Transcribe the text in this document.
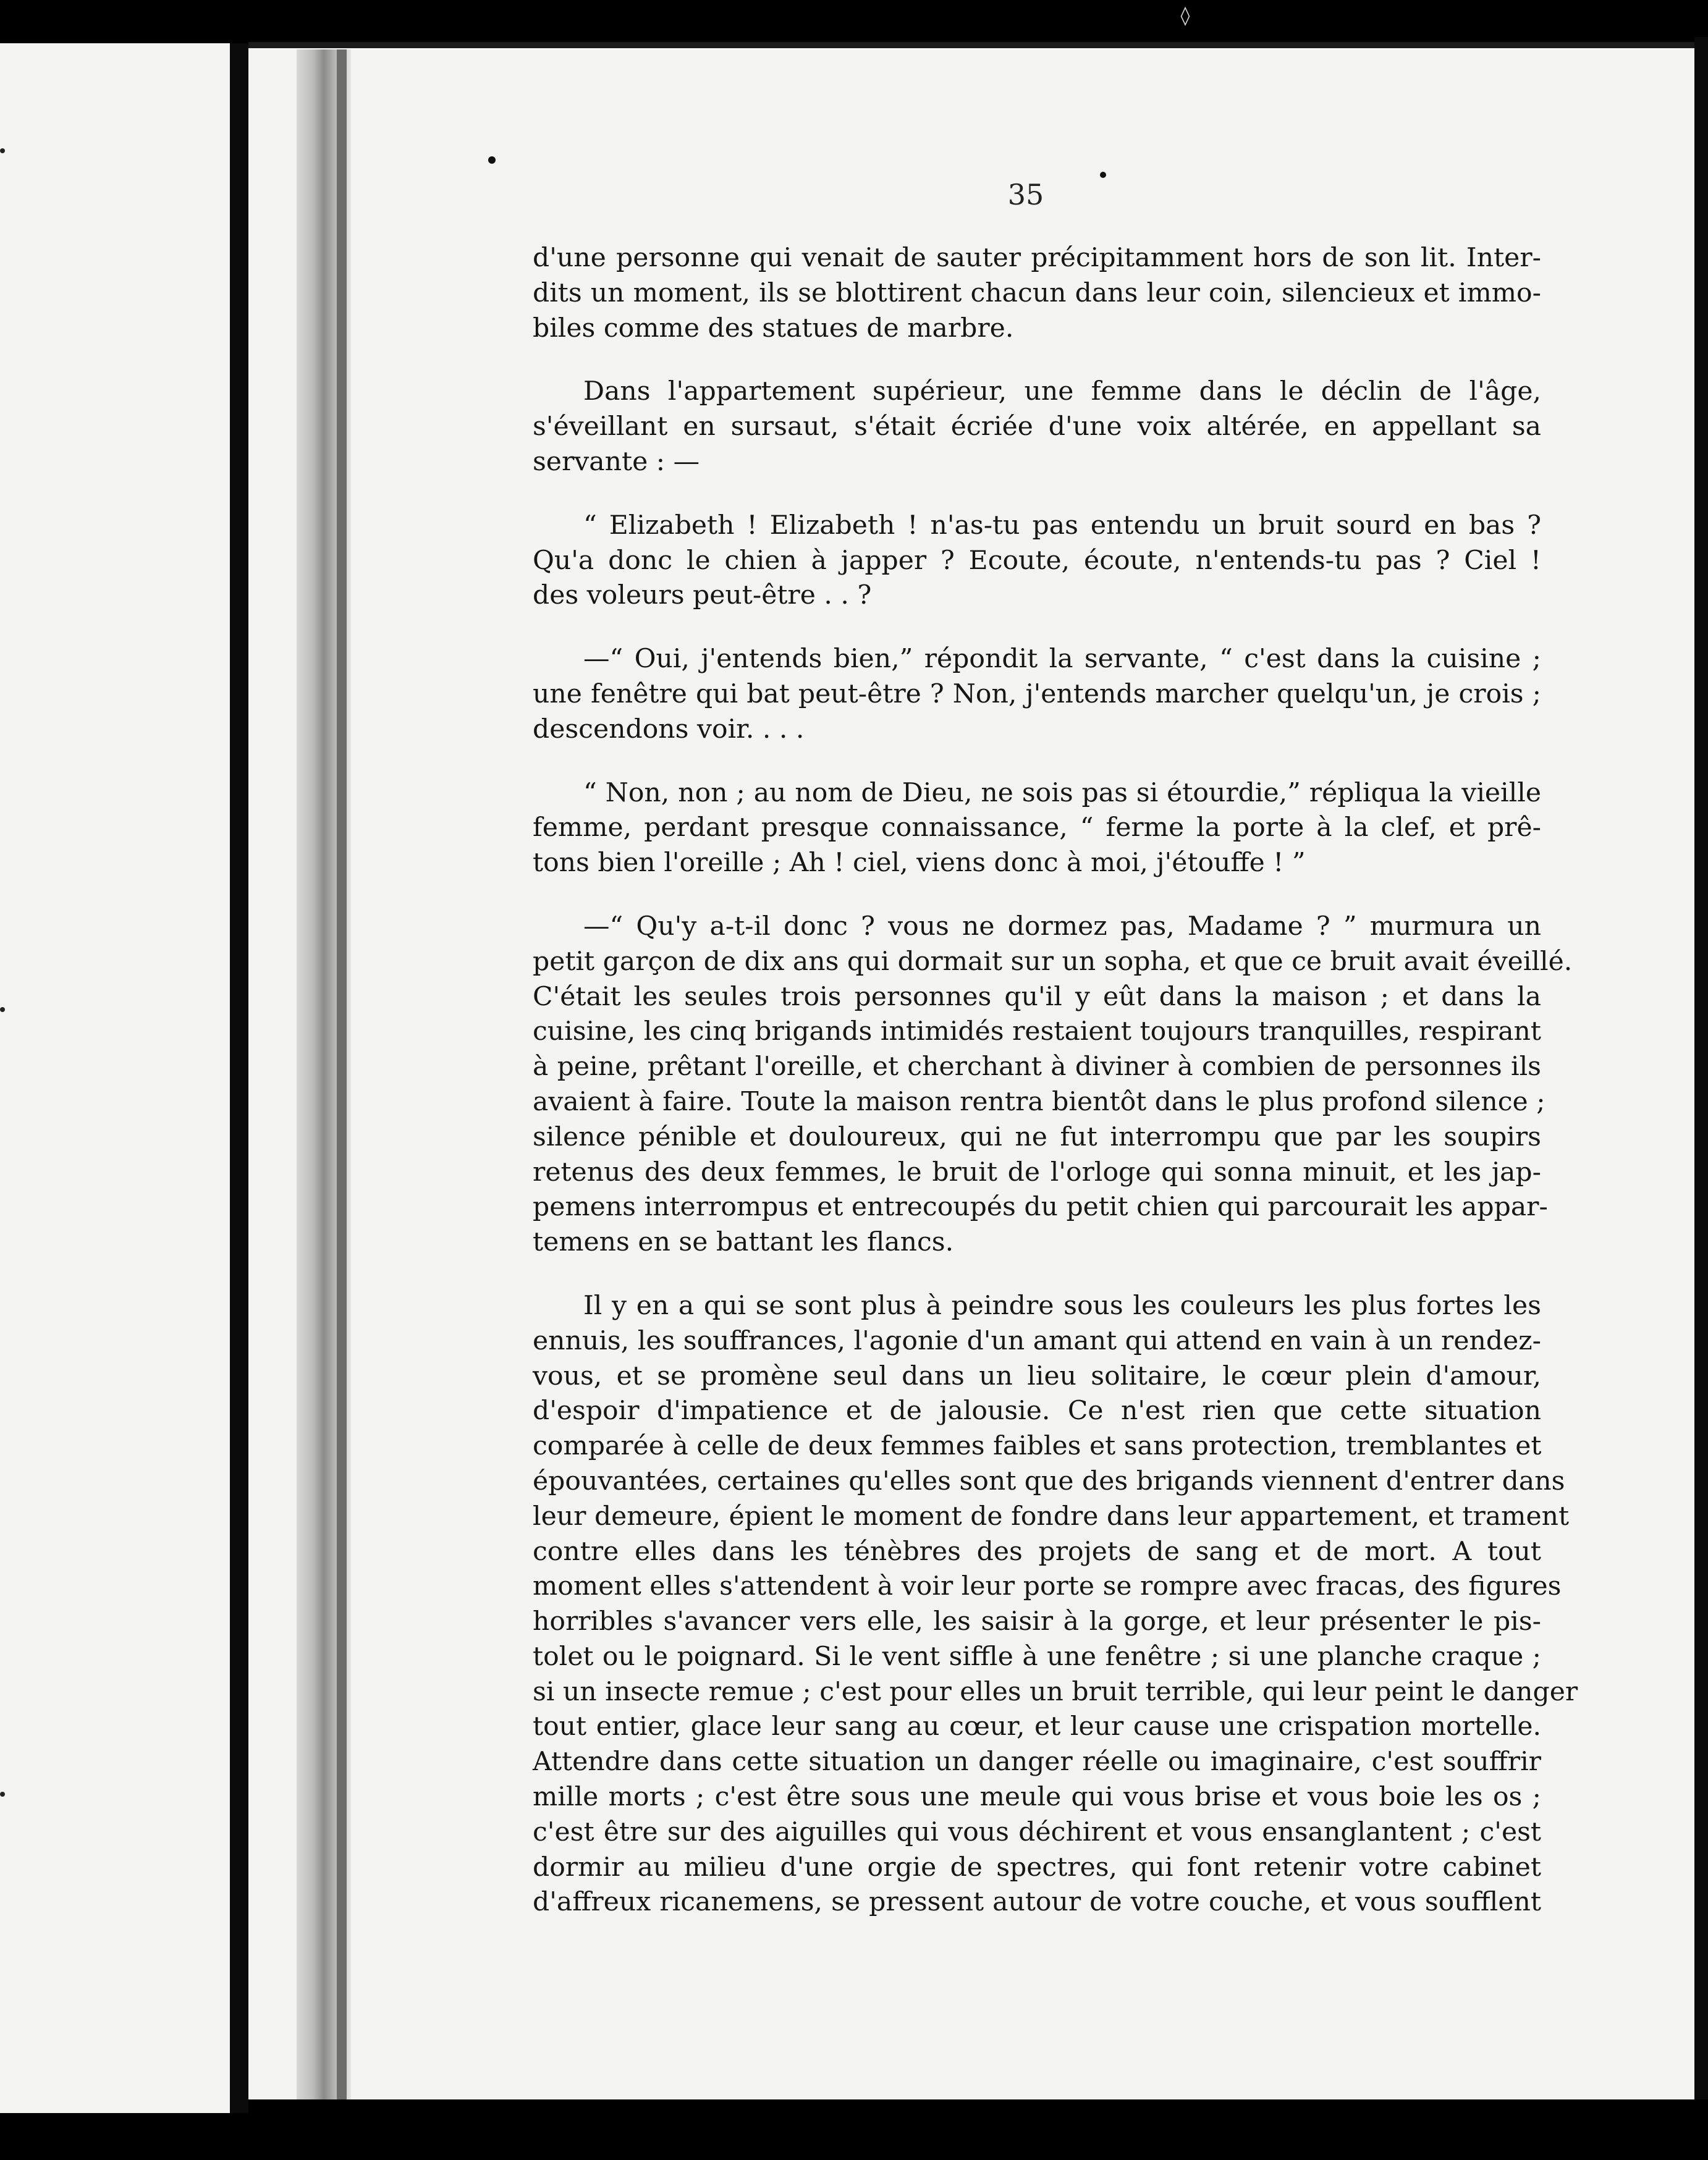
◊
35
d'une personne qui venait de sauter précipitamment hors de son lit. Inter-
dits un moment, ils se blottirent chacun dans leur coin, silencieux et immo-
biles comme des statues de marbre.
Dans l'appartement supérieur, une femme dans le déclin de l'âge,
s'éveillant en sursaut, s'était écriée d'une voix altérée, en appellant sa
servante : —
“ Elizabeth ! Elizabeth ! n'as-tu pas entendu un bruit sourd en bas ?
Qu'a donc le chien à japper ? Ecoute, écoute, n'entends-tu pas ? Ciel !
des voleurs peut-être . . ?
—“ Oui, j'entends bien,” répondit la servante, “ c'est dans la cuisine ;
une fenêtre qui bat peut-être ? Non, j'entends marcher quelqu'un, je crois ;
descendons voir. . . .
“ Non, non ; au nom de Dieu, ne sois pas si étourdie,” répliqua la vieille
femme, perdant presque connaissance, “ ferme la porte à la clef, et prê-
tons bien l'oreille ; Ah ! ciel, viens donc à moi, j'étouffe ! ”
—“ Qu'y a-t-il donc ? vous ne dormez pas, Madame ? ” murmura un
petit garçon de dix ans qui dormait sur un sopha, et que ce bruit avait éveillé.
C'était les seules trois personnes qu'il y eût dans la maison ; et dans la
cuisine, les cinq brigands intimidés restaient toujours tranquilles, respirant
à peine, prêtant l'oreille, et cherchant à diviner à combien de personnes ils
avaient à faire. Toute la maison rentra bientôt dans le plus profond silence ;
silence pénible et douloureux, qui ne fut interrompu que par les soupirs
retenus des deux femmes, le bruit de l'orloge qui sonna minuit, et les jap-
pemens interrompus et entrecoupés du petit chien qui parcourait les appar-
temens en se battant les flancs.
Il y en a qui se sont plus à peindre sous les couleurs les plus fortes les
ennuis, les souffrances, l'agonie d'un amant qui attend en vain à un rendez-
vous, et se promène seul dans un lieu solitaire, le cœur plein d'amour,
d'espoir d'impatience et de jalousie. Ce n'est rien que cette situation
comparée à celle de deux femmes faibles et sans protection, tremblantes et
épouvantées, certaines qu'elles sont que des brigands viennent d'entrer dans
leur demeure, épient le moment de fondre dans leur appartement, et trament
contre elles dans les ténèbres des projets de sang et de mort. A tout
moment elles s'attendent à voir leur porte se rompre avec fracas, des figures
horribles s'avancer vers elle, les saisir à la gorge, et leur présenter le pis-
tolet ou le poignard. Si le vent siffle à une fenêtre ; si une planche craque ;
si un insecte remue ; c'est pour elles un bruit terrible, qui leur peint le danger
tout entier, glace leur sang au cœur, et leur cause une crispation mortelle.
Attendre dans cette situation un danger réelle ou imaginaire, c'est souffrir
mille morts ; c'est être sous une meule qui vous brise et vous boie les os ;
c'est être sur des aiguilles qui vous déchirent et vous ensanglantent ; c'est
dormir au milieu d'une orgie de spectres, qui font retenir votre cabinet
d'affreux ricanemens, se pressent autour de votre couche, et vous soufflent
